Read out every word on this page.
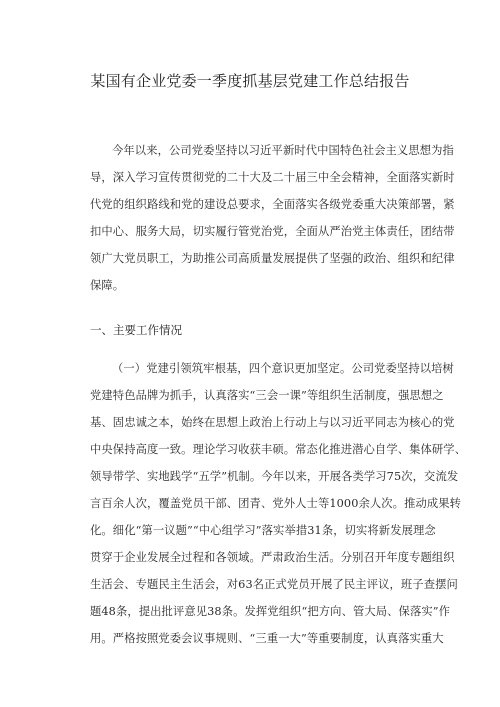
某国有企业党委一季度抓基层党建工作总结报告
今年以来，公司党委坚持以习近平新时代中国特色社会主义思想为指
导，深入学习宣传贯彻党的二十大及二十届三中全会精神，全面落实新时
代党的组织路线和党的建设总要求，全面落实各级党委重大决策部署，紧
扣中心、服务大局，切实履行管党治党，全面从严治党主体责任，团结带
领广大党员职工，为助推公司高质量发展提供了坚强的政治、组织和纪律
保障。
一、主要工作情况
（一）党建引领筑牢根基，四个意识更加坚定。公司党委坚持以培树
党建特色品牌为抓手，认真落实“三会一课”等组织生活制度，强思想之
基、固忠诚之本，始终在思想上政治上行动上与以习近平同志为核心的党
中央保持高度一致。理论学习收获丰硕。常态化推进潜心自学、集体研学、
领导带学、实地践学“五学”机制。今年以来，开展各类学习75次，交流发
言百余人次，覆盖党员干部、团青、党外人士等1000余人次。推动成果转
化。细化“第一议题”“中心组学习”落实举措31条，切实将新发展理念
贯穿于企业发展全过程和各领域。严肃政治生活。分别召开年度专题组织
生活会、专题民主生活会，对63名正式党员开展了民主评议，班子查摆问
题48条，提出批评意见38条。发挥党组织“把方向、管大局、保落实”作
用。严格按照党委会议事规则、“三重一大”等重要制度，认真落实重大
